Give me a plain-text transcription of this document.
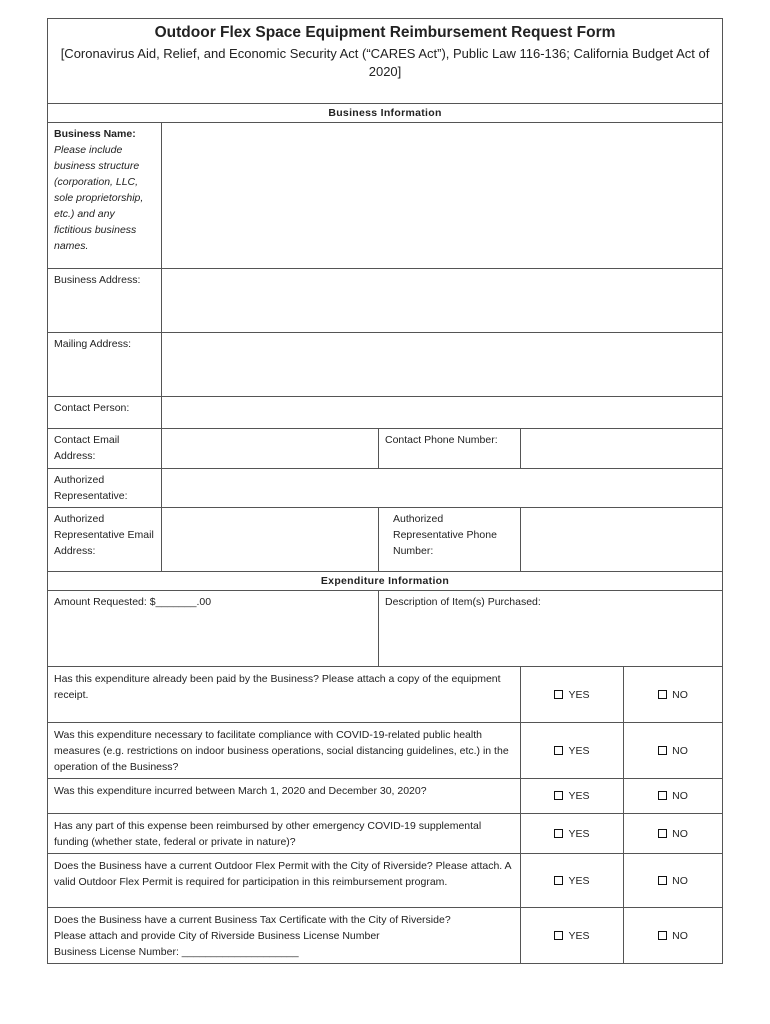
Outdoor Flex Space Equipment Reimbursement Request Form
[Coronavirus Aid, Relief, and Economic Security Act (“CARES Act”), Public Law 116-136; California Budget Act of 2020]				

Business Information				

Business Name:
Please include business structure (corporation, LLC, sole proprietorship, etc.) and any fictitious business names.				

Business Address:				
Mailing Address:				
Contact Person:				
Contact Email Address:		Contact Phone Number:		
Authorized Representative:				
Authorized Representative Email Address:		Authorized Representative Phone Number:		
Expenditure Information				
Amount Requested: $_______.00		Description of Item(s) Purchased:		
Has this expenditure already been paid by the Business? Please attach a copy of the equipment receipt.			YES	NO
Was this expenditure necessary to facilitate compliance with COVID-19-related public health measures (e.g. restrictions on indoor business operations, social distancing guidelines, etc.) in the operation of the Business?			YES	NO
Was this expenditure incurred between March 1, 2020 and December 30, 2020?			YES	NO
Has any part of this expense been reimbursed by other emergency COVID-19 supplemental funding (whether state, federal or private in nature)?			YES	NO
Does the Business have a current Outdoor Flex Permit with the City of Riverside? Please attach. A valid Outdoor Flex Permit is required for participation in this reimbursement program.			YES	NO

Does the Business have a current Business Tax Certificate with the City of Riverside?
Please attach and provide City of Riverside Business License Number
Business License Number: ____________________			YES	NO
